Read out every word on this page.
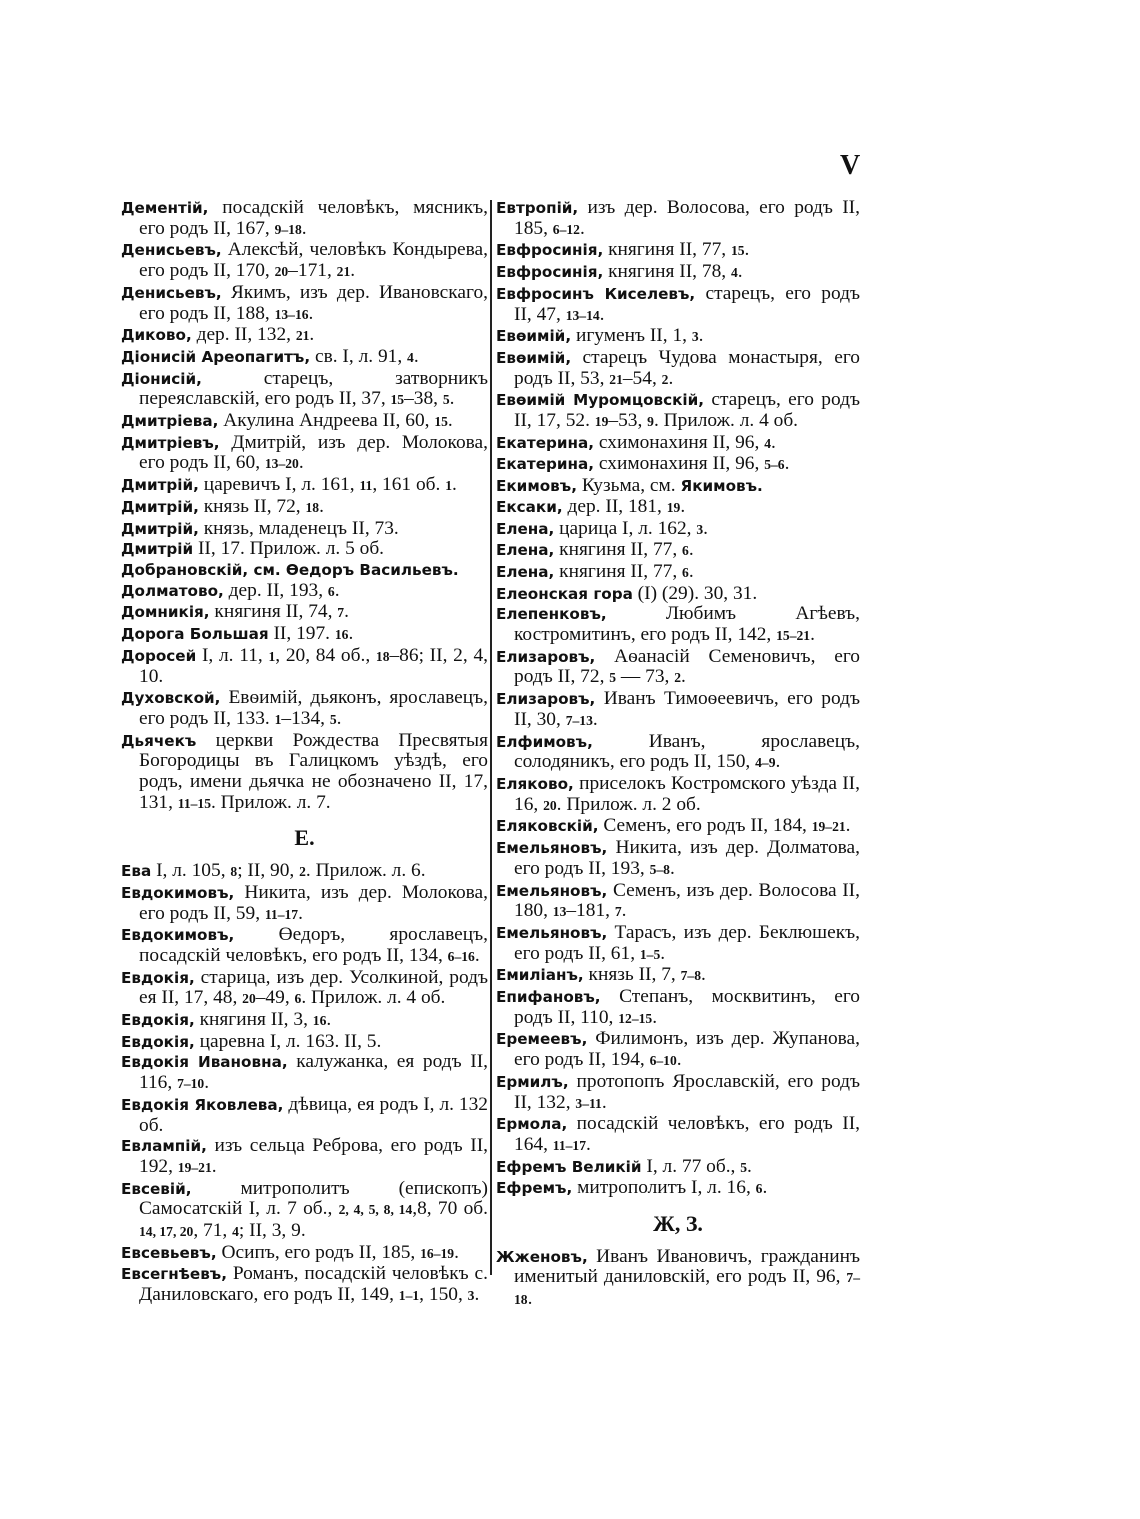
V
Дементій, посадскій человѣкъ, мясникъ, его родъ II, 167, 9–18.
Денисьевъ, Алексѣй, человѣкъ Кондырева, его родъ II, 170, 20–171, 21.
Денисьевъ, Якимъ, изъ дер. Ивановскаго, его родъ II, 188, 13–16.
Диково, дер. II, 132, 21.
Діонисій Ареопагитъ, св. I, л. 91, 4.
Діонисій, старецъ, затворникъ переяславскій, его родъ II, 37, 15–38, 5.
Дмитріева, Акулина Андреева II, 60, 15.
Дмитріевъ, Дмитрій, изъ дер. Молокова, его родъ II, 60, 13–20.
Дмитрій, царевичъ I, л. 161, 11, 161 об. 1.
Дмитрій, князь II, 72, 18.
Дмитрій, князь, младенецъ II, 73.
Дмитрій II, 17. Прилож. л. 5 об.
Добрановскій, см. Өедоръ Васильевъ.
Долматово, дер. II, 193, 6.
Домникія, княгиня II, 74, 7.
Дорога Большая II, 197. 16.
Доросей I, л. 11, 1, 20, 84 об., 18–86; II, 2, 4, 10.
Духовской, Евѳимій, дьяконъ, ярославецъ, его родъ II, 133. 1–134, 5.
Дьячекъ церкви Рождества Пресвятыя Богородицы въ Галицкомъ уѣздѣ, его родъ, имени дьячка не обозначено II, 17, 131, 11–15. Прилож. л. 7.
Е.
Ева I, л. 105, 8; II, 90, 2. Прилож. л. 6.
Евдокимовъ, Никита, изъ дер. Молокова, его родъ II, 59, 11–17.
Евдокимовъ, Өедоръ, ярославецъ, посадскій человѣкъ, его родъ II, 134, 6–16.
Евдокія, старица, изъ дер. Усолкиной, родъ ея II, 17, 48, 20–49, 6. Прилож. л. 4 об.
Евдокія, княгиня II, 3, 16.
Евдокія, царевна I, л. 163. II, 5.
Евдокія Ивановна, калужанка, ея родъ II, 116, 7–10.
Евдокія Яковлева, дѣвица, ея родъ I, л. 132 об.
Евлампій, изъ сельца Реброва, его родъ II, 192, 19–21.
Евсевій, митрополитъ (епископъ) Самосатскій I, л. 7 об., 2, 4, 5, 8, 14,8, 70 об. 14, 17, 20, 71, 4; II, 3, 9.
Евсевьевъ, Осипъ, его родъ II, 185, 16–19.
Евсегнѣевъ, Романъ, посадскій человѣкъ с. Даниловскаго, его родъ II, 149, 1–1, 150, 3.
Евтропій, изъ дер. Волосова, его родъ II, 185, 6–12.
Евфросинія, княгиня II, 77, 15.
Евфросинія, княгиня II, 78, 4.
Евфросинъ Киселевъ, старецъ, его родъ II, 47, 13–14.
Евѳимій, игуменъ II, 1, 3.
Евѳимій, старецъ Чудова монастыря, его родъ II, 53, 21–54, 2.
Евѳимій Муромцовскій, старецъ, его родъ II, 17, 52. 19–53, 9. Прилож. л. 4 об.
Екатерина, схимонахиня II, 96, 4.
Екатерина, схимонахиня II, 96, 5–6.
Екимовъ, Кузьма, см. Якимовъ.
Ексаки, дер. II, 181, 19.
Елена, царица I, л. 162, 3.
Елена, княгиня II, 77, 6.
Елена, княгиня II, 77, 6.
Елеонская гора (I) (29). 30, 31.
Елепенковъ, Любимъ Агѣевъ, костромитинъ, его родъ II, 142, 15–21.
Елизаровъ, Аѳанасій Семеновичъ, его родъ II, 72, 5 — 73, 2.
Елизаровъ, Иванъ Тимоѳеевичъ, его родъ II, 30, 7–13.
Елфимовъ, Иванъ, ярославецъ, солодяникъ, его родъ II, 150, 4–9.
Еляково, приселокъ Костромского уѣзда II, 16, 20. Прилож. л. 2 об.
Еляковскій, Семенъ, его родъ II, 184, 19–21.
Емельяновъ, Никита, изъ дер. Долматова, его родъ II, 193, 5–8.
Емельяновъ, Семенъ, изъ дер. Волосова II, 180, 13–181, 7.
Емельяновъ, Тарасъ, изъ дер. Беклюшекъ, его родъ II, 61, 1–5.
Емиліанъ, князь II, 7, 7–8.
Епифановъ, Степанъ, москвитинъ, его родъ II, 110, 12–15.
Еремеевъ, Филимонъ, изъ дер. Жупанова, его родъ II, 194, 6–10.
Ермилъ, протопопъ Ярославскій, его родъ II, 132, 3–11.
Ермола, посадскій человѣкъ, его родъ II, 164, 11–17.
Ефремъ Великій I, л. 77 об., 5.
Ефремъ, митрополитъ I, л. 16, 6.
Ж, З.
Жженовъ, Иванъ Ивановичъ, гражданинъ именитый даниловскій, его родъ II, 96, 7–18.
